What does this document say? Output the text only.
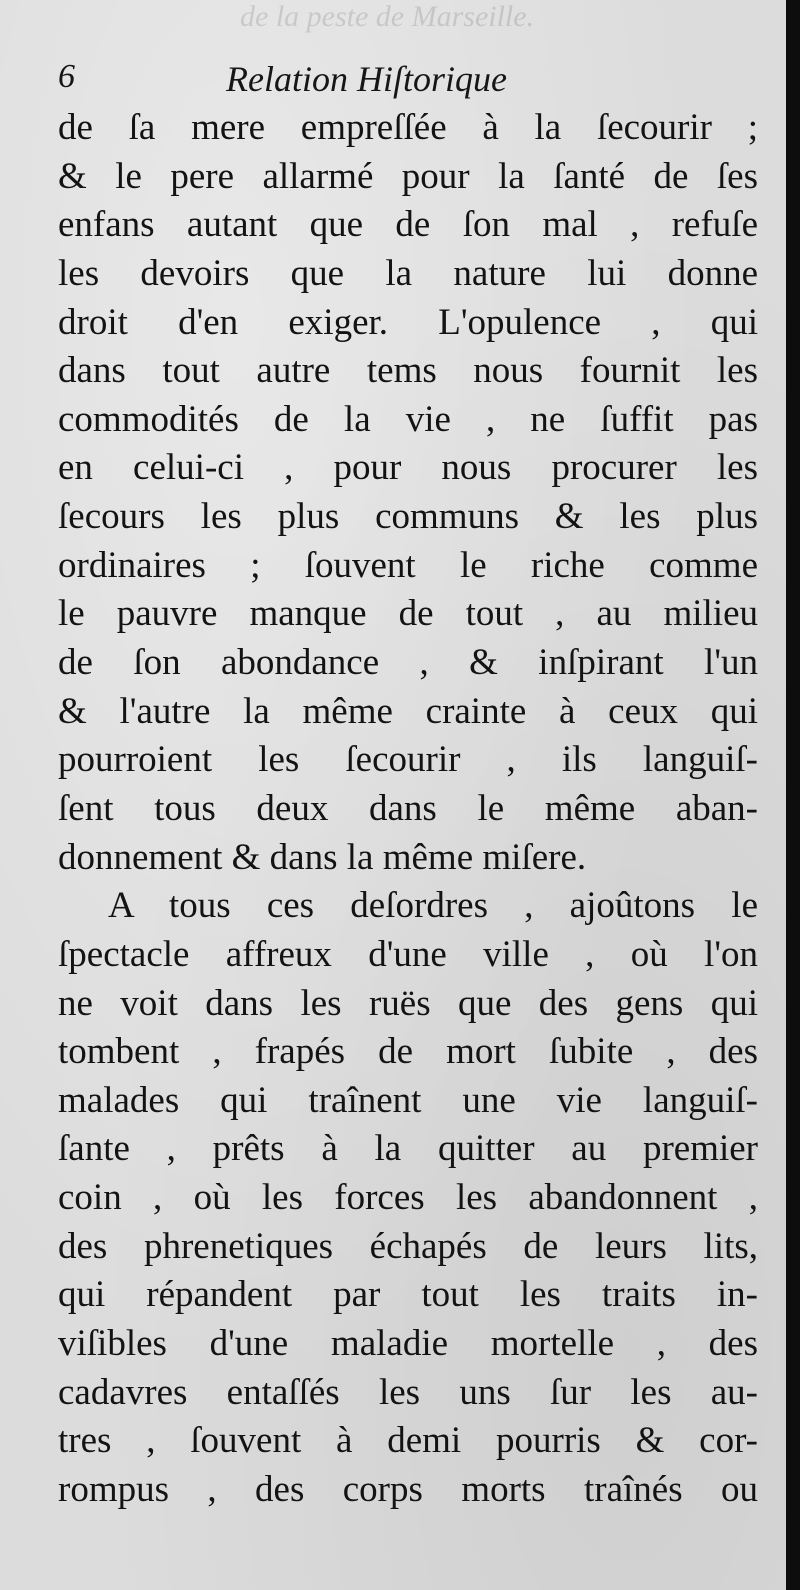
de la peste de Marseille.
6	Relation Hiſtorique
de ſa mere empreſſée à la ſecourir ;
& le pere allarmé pour la ſanté de ſes
enfans autant que de ſon mal , refuſe
les devoirs que la nature lui donne
droit d'en exiger. L'opulence , qui
dans tout autre tems nous fournit les
commodités de la vie , ne ſuffit pas
en celui-ci , pour nous procurer les
ſecours les plus communs & les plus
ordinaires ; ſouvent le riche comme
le pauvre manque de tout , au milieu
de ſon abondance , & inſpirant l'un
& l'autre la même crainte à ceux qui
pourroient les ſecourir , ils languiſ-
ſent tous deux dans le même aban-
donnement & dans la même miſere.
A tous ces deſordres , ajoûtons le
ſpectacle affreux d'une ville , où l'on
ne voit dans les ruës que des gens qui
tombent , frapés de mort ſubite , des
malades qui traînent une vie languiſ-
ſante , prêts à la quitter au premier
coin , où les forces les abandonnent ,
des phrenetiques échapés de leurs lits,
qui répandent par tout les traits in-
viſibles d'une maladie mortelle , des
cadavres entaſſés les uns ſur les au-
tres , ſouvent à demi pourris & cor-
rompus , des corps morts traînés ou
